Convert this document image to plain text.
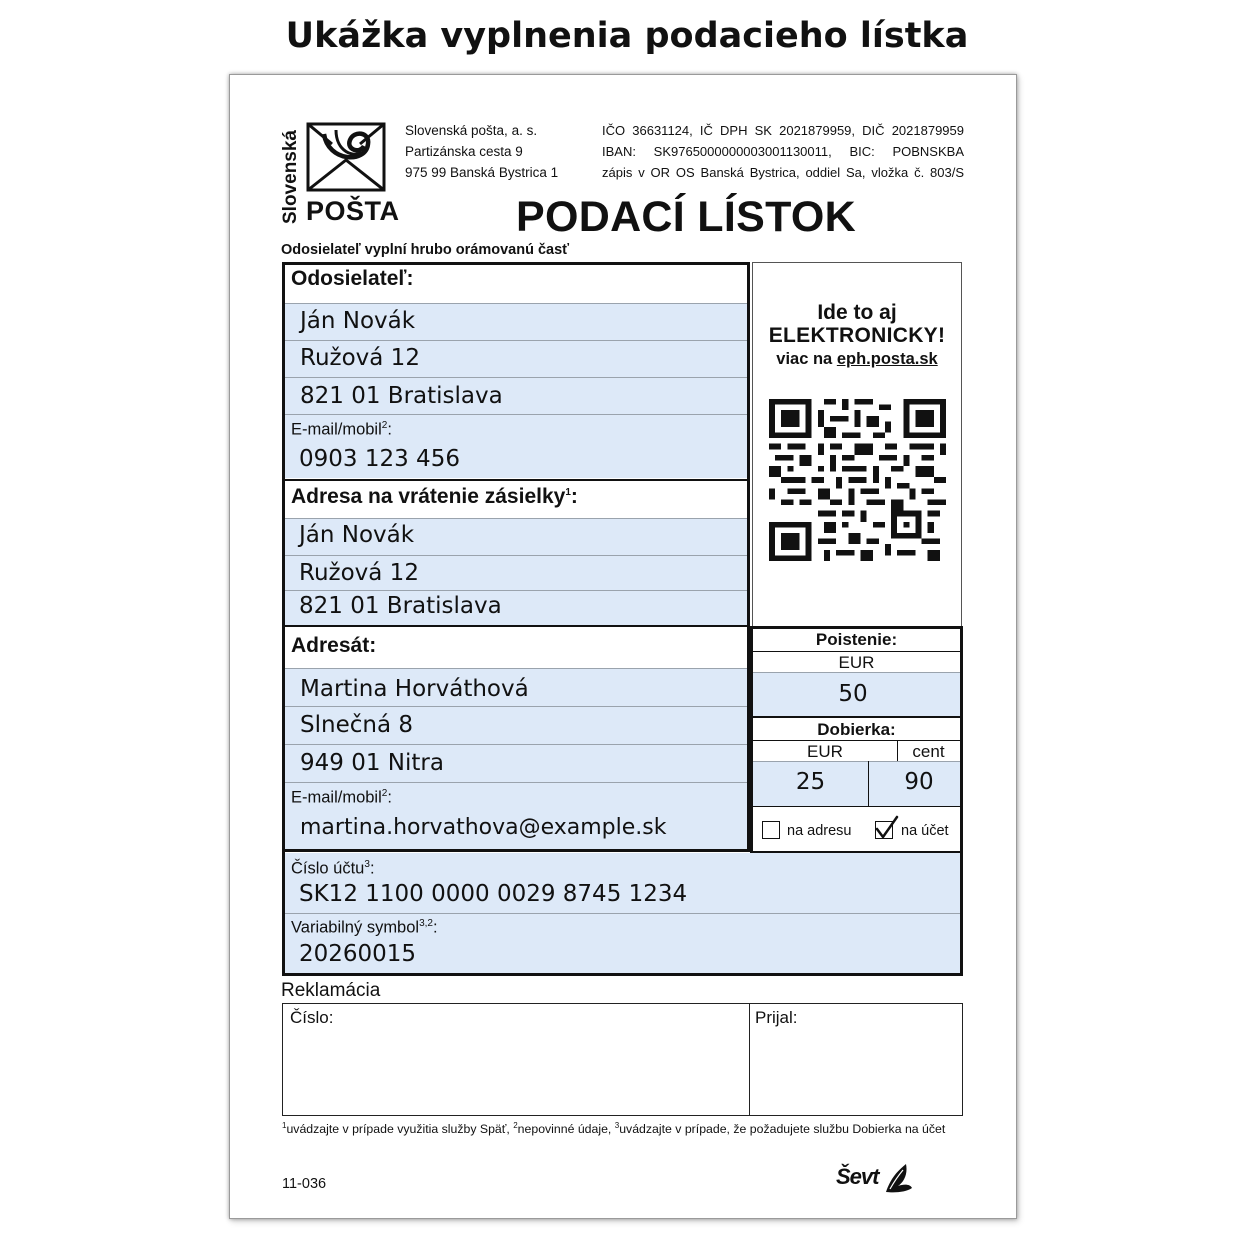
Ukážka vyplnenia podacieho lístka
Slovenská POŠTA
Slovenská pošta, a. s.
Partizánska cesta 9
975 99 Banská Bystrica 1
IČO 36631124, IČ DPH SK 2021879959, DIČ 2021879959
IBAN: SK9765000000003001130011, BIC: POBNSKBA
zápis v OR OS Banská Bystrica, oddiel Sa, vložka č. 803/S
PODACÍ LÍSTOK
Odosielateľ vyplní hrubo orámovanú časť
Odosielateľ:
Ján Novák
Ružová 12
821 01 Bratislava
E-mail/mobil$^2$:
0903 123 456
Adresa na vrátenie zásielky$^1$:
Ján Novák
Ružová 12
821 01 Bratislava
Adresát:
Martina Horváthová
Slnečná 8
949 01 Nitra
E-mail/mobil$^2$:
martina.horvathova@example.sk
Ide to aj
ELEKTRONICKY!
viac na eph.posta.sk
Poistenie:
EUR
50
Dobierka:
EUR	cent
25	90
na adresu	na účet
Číslo účtu$^3$:
SK12 1100 0000 0029 8745 1234
Variabilný symbol$^{3,2}$:
20260015
Reklamácia
Číslo:	Prijal:
$^1$uvádzajte v prípade využitia služby Späť, $^2$nepovinné údaje, $^3$uvádzajte v prípade, že požadujete službu Dobierka na účet
11-036	Ševt
